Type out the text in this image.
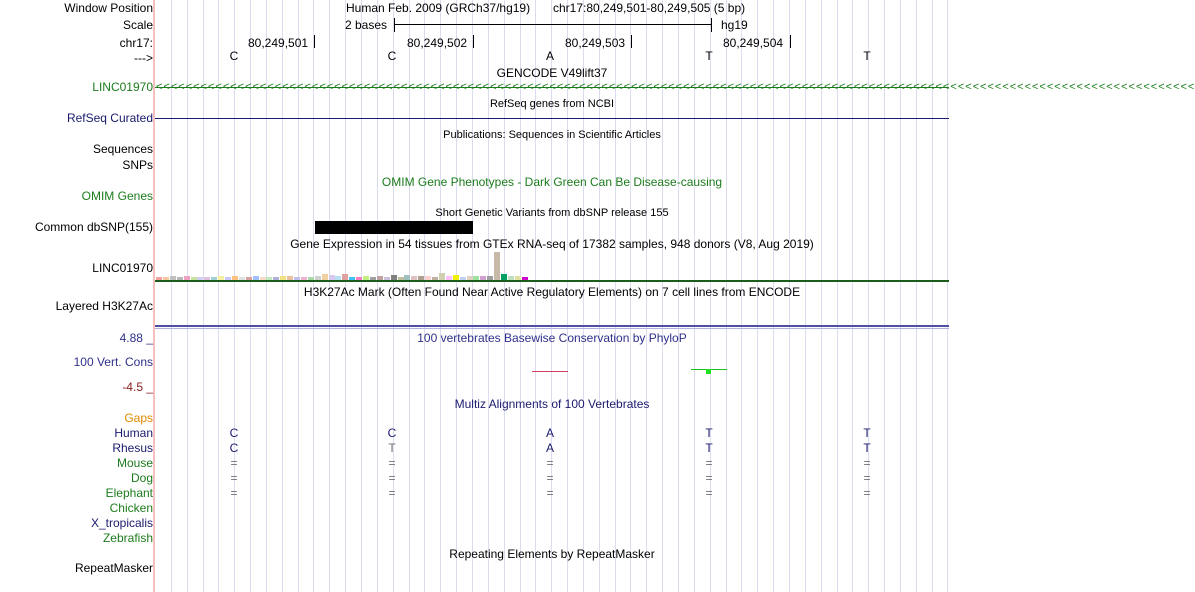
Window Position
Scale
chr17:
--->
Human Feb. 2009 (GRCh37/hg19) chr17:80,249,501-80,249,505 (5 bp)
2 bases	hg19
80,249,501	80,249,502	80,249,503	80,249,504
C	C	A	T	T
GENCODE V49lift37
LINC01970 <<<<<<<<<<<<<<<<<<<<<<<<<<<<<<<<<<<<<<<<<<<<<<<<<<<<<<<<<<<<<<<<<<<<<<<<<<<<<<<<<<<<<<<<<<<<<<<<<<<<<<<<<<<<<<<<<<<<<<<<<<<<<<<<<<<<<<<<<<<<
RefSeq genes from NCBI
RefSeq Curated
Publications: Sequences in Scientific Articles
Sequences
SNPs
OMIM Gene Phenotypes - Dark Green Can Be Disease-causing
OMIM Genes
Short Genetic Variants from dbSNP release 155
Common dbSNP(155)
Gene Expression in 54 tissues from GTEx RNA-seq of 17382 samples, 948 donors (V8, Aug 2019)
LINC01970
H3K27Ac Mark (Often Found Near Active Regulatory Elements) on 7 cell lines from ENCODE
Layered H3K27Ac
100 vertebrates Basewise Conservation by PhyloP
4.88 _
100 Vert. Cons
-4.5 _
Multiz Alignments of 100 Vertebrates
Gaps
Human	C	C	A	T	T
Rhesus	C	T	A	T	T
Mouse	=	=	=	=	=
Dog	=	=	=	=	=
Elephant	=	=	=	=	=
Chicken
X_tropicalis
Zebrafish
Repeating Elements by RepeatMasker
RepeatMasker
